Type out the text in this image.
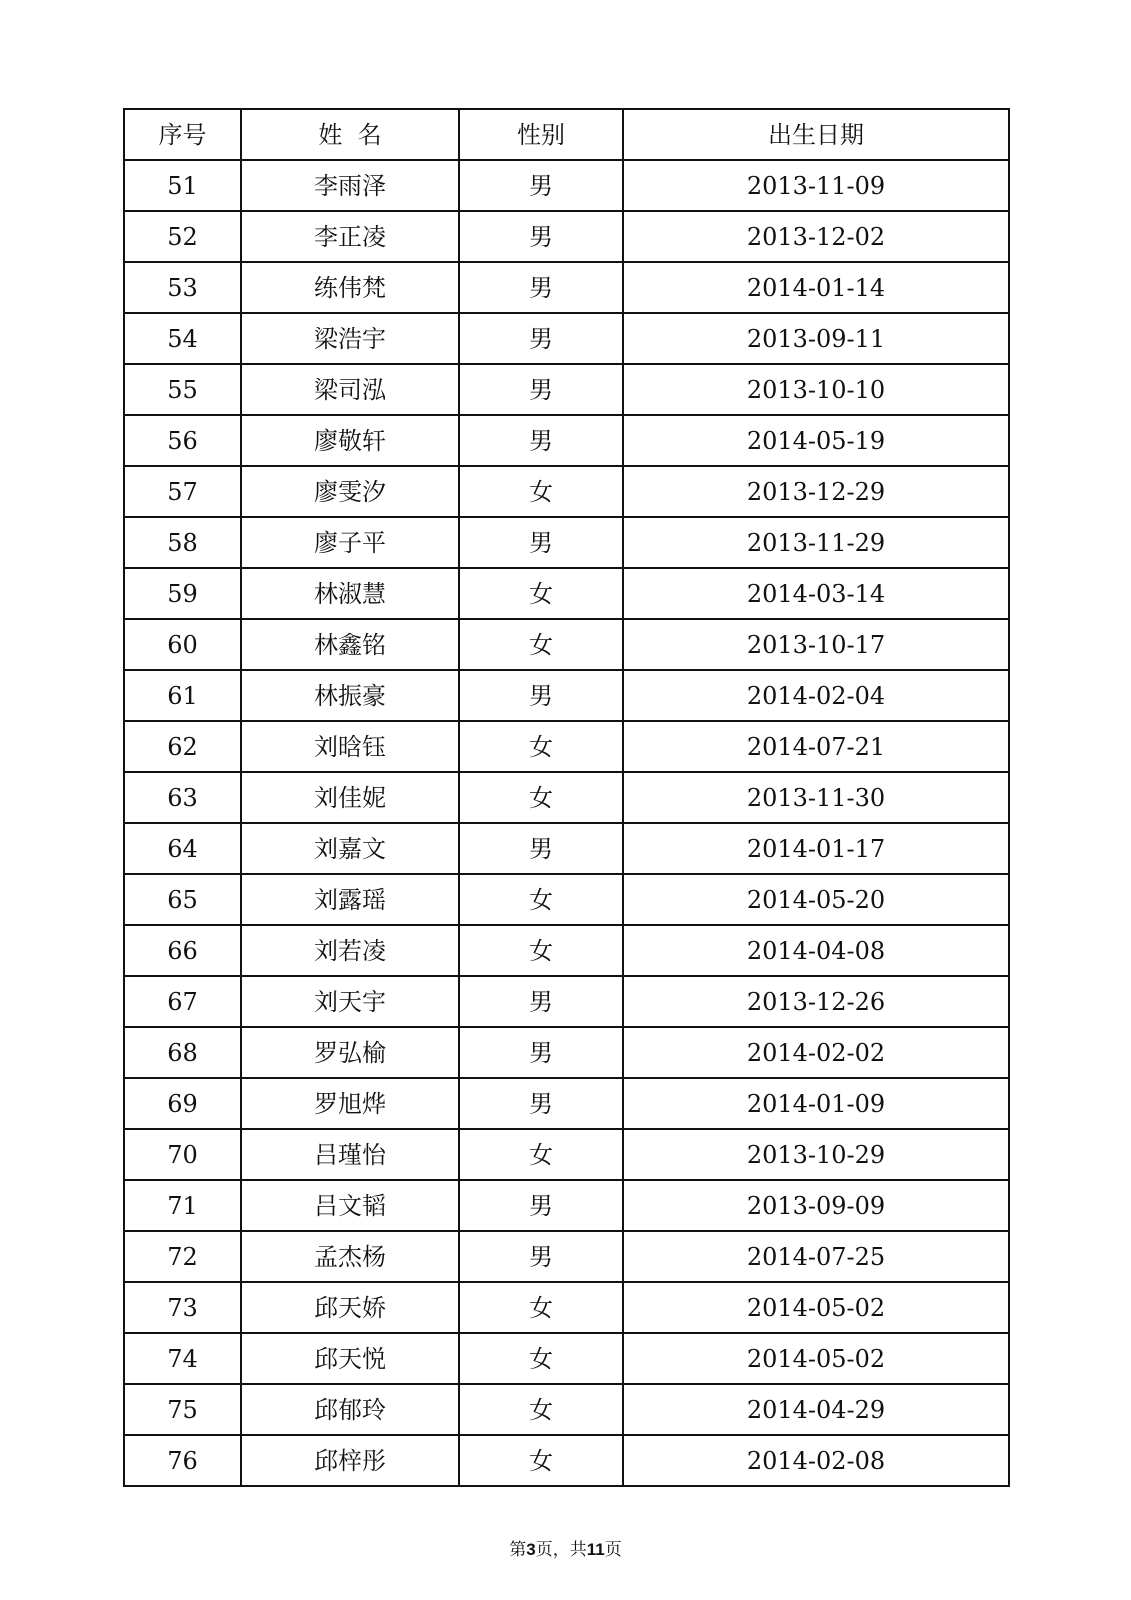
序号	姓  名	性别	出生日期
51	李雨泽	男	2013-11-09
52	李正凌	男	2013-12-02
53	练伟梵	男	2014-01-14
54	梁浩宇	男	2013-09-11
55	梁司泓	男	2013-10-10
56	廖敬轩	男	2014-05-19
57	廖雯汐	女	2013-12-29
58	廖子平	男	2013-11-29
59	林淑慧	女	2014-03-14
60	林鑫铭	女	2013-10-17
61	林振豪	男	2014-02-04
62	刘晗钰	女	2014-07-21
63	刘佳妮	女	2013-11-30
64	刘嘉文	男	2014-01-17
65	刘露瑶	女	2014-05-20
66	刘若凌	女	2014-04-08
67	刘天宇	男	2013-12-26
68	罗弘榆	男	2014-02-02
69	罗旭烨	男	2014-01-09
70	吕瑾怡	女	2013-10-29
71	吕文韬	男	2013-09-09
72	孟杰杨	男	2014-07-25
73	邱天娇	女	2014-05-02
74	邱天悦	女	2014-05-02
75	邱郁玲	女	2014-04-29
76	邱梓彤	女	2014-02-08
第3页，共11页
